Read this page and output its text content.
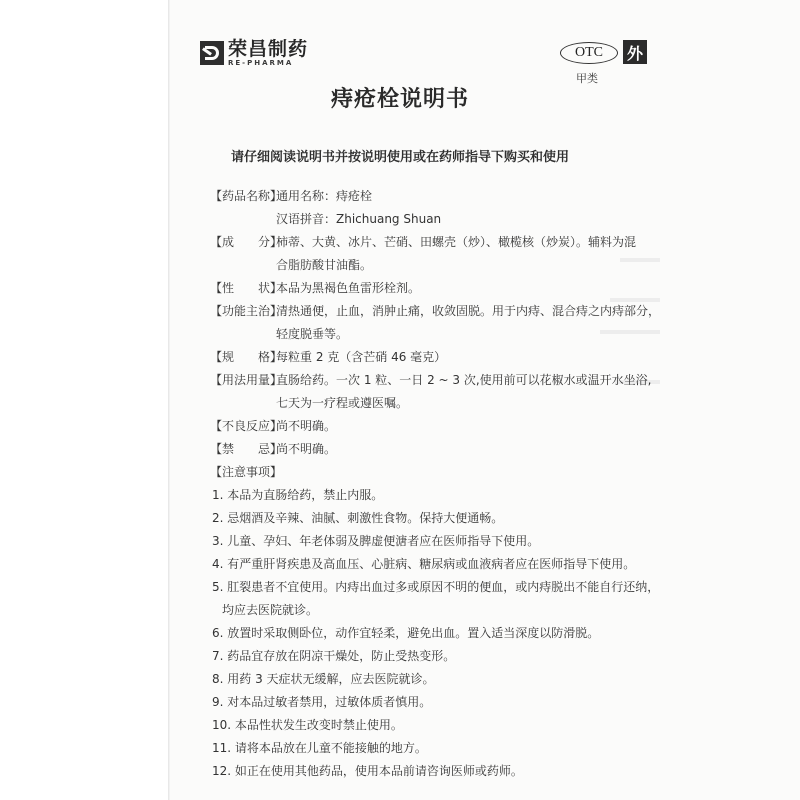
荣昌制药
RE-PHARMA
OTC	外
甲类
痔疮栓说明书
请仔细阅读说明书并按说明使用或在药师指导下购买和使用
【药品名称】
通用名称：痔疮栓
汉语拼音：Zhichuang Shuan
【成　　分】
柿蒂、大黄、冰片、芒硝、田螺壳（炒）、橄榄核（炒炭）。辅料为混
合脂肪酸甘油酯。
【性　　状】
本品为黑褐色鱼雷形栓剂。
【功能主治】
清热通便，止血，消肿止痛，收敛固脱。用于内痔、混合痔之内痔部分，
轻度脱垂等。
【规　　格】
每粒重 2 克（含芒硝 46 毫克）
【用法用量】
直肠给药。一次 1 粒、一日 2 ~ 3 次,使用前可以花椒水或温开水坐浴,
七天为一疗程或遵医嘱。
【不良反应】
尚不明确。
【禁　　忌】
尚不明确。
【注意事项】
1. 本品为直肠给药，禁止内服。
2. 忌烟酒及辛辣、油腻、刺激性食物。保持大便通畅。
3. 儿童、孕妇、年老体弱及脾虚便溏者应在医师指导下使用。
4. 有严重肝肾疾患及高血压、心脏病、糖尿病或血液病者应在医师指导下使用。
5. 肛裂患者不宜使用。内痔出血过多或原因不明的便血，或内痔脱出不能自行还纳，
均应去医院就诊。
6. 放置时采取侧卧位，动作宜轻柔，避免出血。置入适当深度以防滑脱。
7. 药品宜存放在阴凉干燥处，防止受热变形。
8. 用药 3 天症状无缓解，应去医院就诊。
9. 对本品过敏者禁用，过敏体质者慎用。
10. 本品性状发生改变时禁止使用。
11. 请将本品放在儿童不能接触的地方。
12. 如正在使用其他药品，使用本品前请咨询医师或药师。
